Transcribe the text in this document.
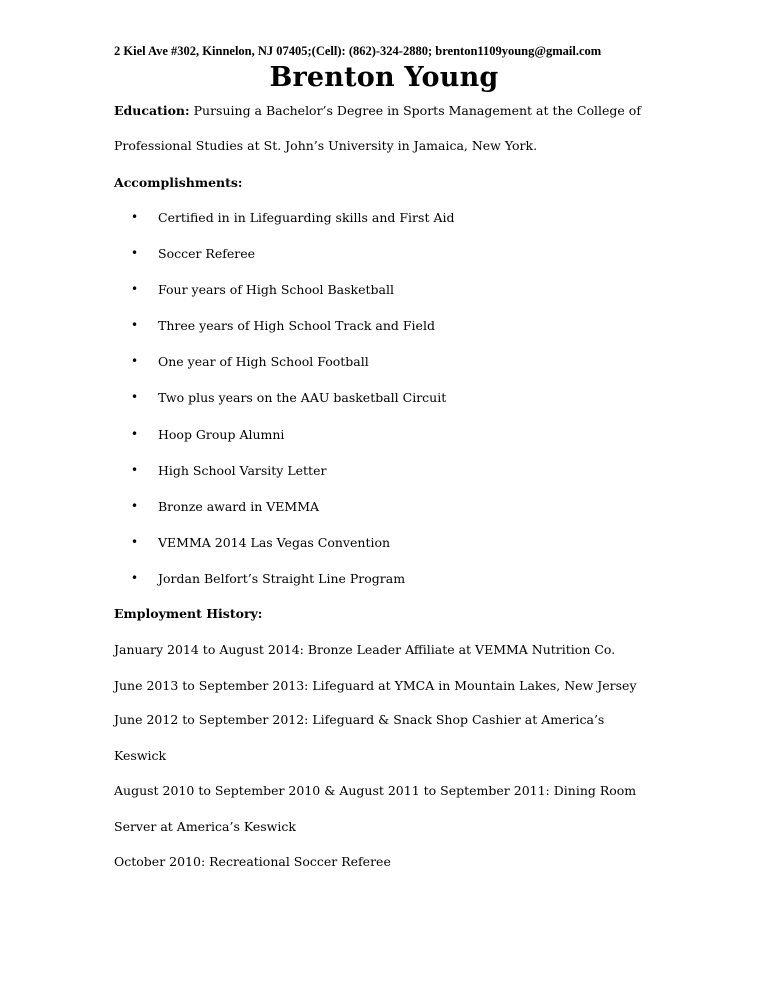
2 Kiel Ave #302, Kinnelon, NJ 07405;(Cell): (862)-324-2880; brenton1109young@gmail.com
Brenton Young
Education: Pursuing a Bachelor’s Degree in Sports Management at the College of
Professional Studies at St. John’s University in Jamaica, New York.
Accomplishments:
• Certified in in Lifeguarding skills and First Aid
• Soccer Referee
• Four years of High School Basketball
• Three years of High School Track and Field
• One year of High School Football
• Two plus years on the AAU basketball Circuit
• Hoop Group Alumni
• High School Varsity Letter
• Bronze award in VEMMA
• VEMMA 2014 Las Vegas Convention
• Jordan Belfort’s Straight Line Program
Employment History:
January 2014 to August 2014: Bronze Leader Affiliate at VEMMA Nutrition Co.
June 2013 to September 2013: Lifeguard at YMCA in Mountain Lakes, New Jersey
June 2012 to September 2012: Lifeguard & Snack Shop Cashier at America’s
Keswick
August 2010 to September 2010 & August 2011 to September 2011: Dining Room
Server at America’s Keswick
October 2010: Recreational Soccer Referee
